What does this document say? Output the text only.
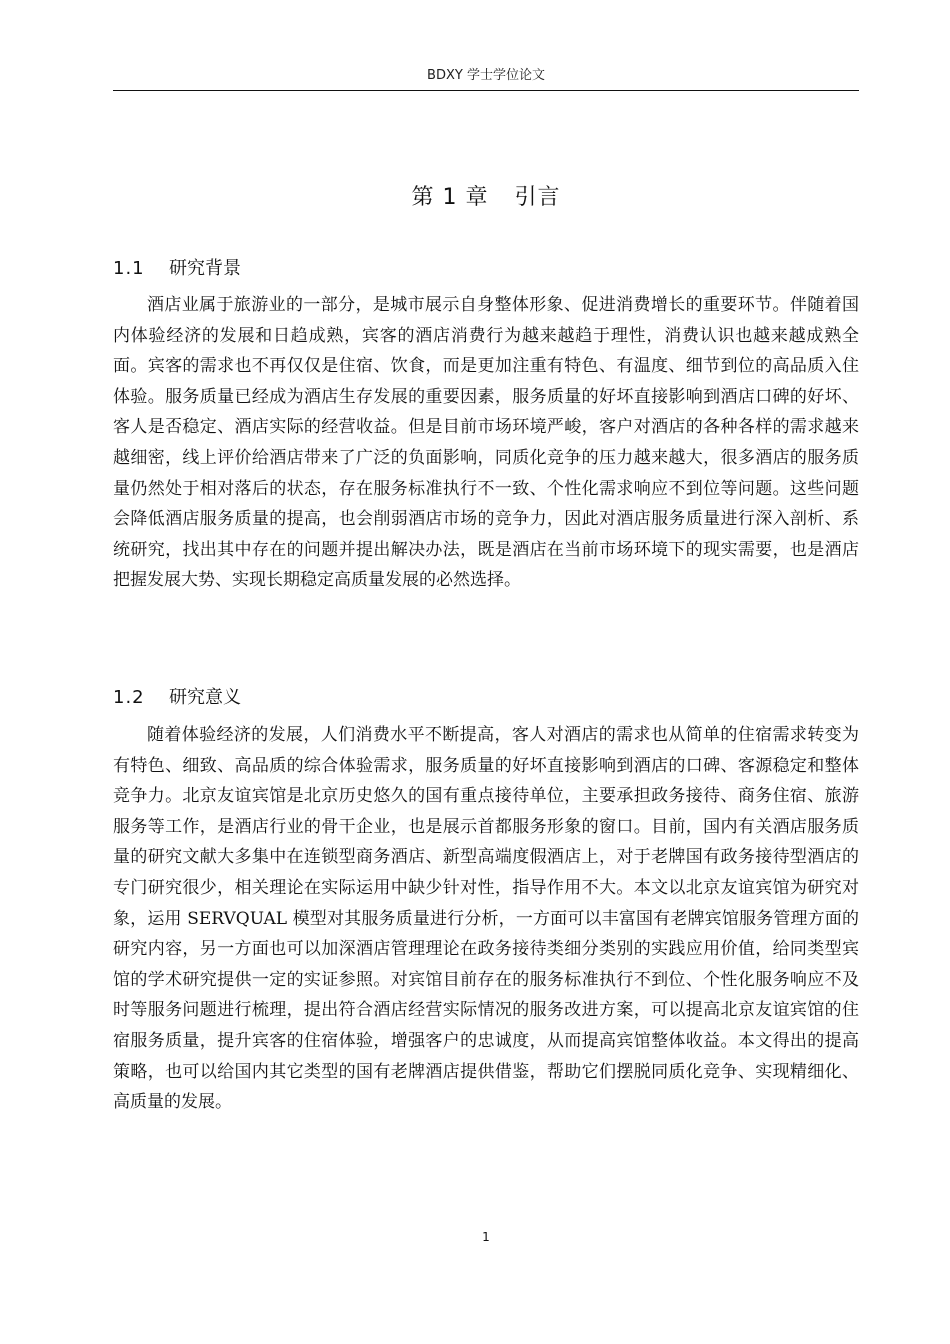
BDXY 学士学位论文
第 1 章 引言
1.1 研究背景

酒店业属于旅游业的一部分，是城市展示自身整体形象、促进消费增长的重要环节。伴随着国内体验经济的发展和日趋成熟，宾客的酒店消费行为越来越趋于理性，消费认识也越来越成熟全面。宾客的需求也不再仅仅是住宿、饮食，而是更加注重有特色、有温度、细节到位的高品质入住体验。服务质量已经成为酒店生存发展的重要因素，服务质量的好坏直接影响到酒店口碑的好坏、客人是否稳定、酒店实际的经营收益。但是目前市场环境严峻，客户对酒店的各种各样的需求越来越细密，线上评价给酒店带来了广泛的负面影响，同质化竞争的压力越来越大，很多酒店的服务质量仍然处于相对落后的状态，存在服务标准执行不一致、个性化需求响应不到位等问题。这些问题会降低酒店服务质量的提高，也会削弱酒店市场的竞争力，因此对酒店服务质量进行深入剖析、系统研究，找出其中存在的问题并提出解决办法，既是酒店在当前市场环境下的现实需要，也是酒店把握发展大势、实现长期稳定高质量发展的必然选择。

1.2 研究意义

随着体验经济的发展，人们消费水平不断提高，客人对酒店的需求也从简单的住宿需求转变为有特色、细致、高品质的综合体验需求，服务质量的好坏直接影响到酒店的口碑、客源稳定和整体竞争力。北京友谊宾馆是北京历史悠久的国有重点接待单位，主要承担政务接待、商务住宿、旅游服务等工作，是酒店行业的骨干企业，也是展示首都服务形象的窗口。目前，国内有关酒店服务质量的研究文献大多集中在连锁型商务酒店、新型高端度假酒店上，对于老牌国有政务接待型酒店的专门研究很少，相关理论在实际运用中缺少针对性，指导作用不大。本文以北京友谊宾馆为研究对象，运用 SERVQUAL 模型对其服务质量进行分析，一方面可以丰富国有老牌宾馆服务管理方面的研究内容，另一方面也可以加深酒店管理理论在政务接待类细分类别的实践应用价值，给同类型宾馆的学术研究提供一定的实证参照。对宾馆目前存在的服务标准执行不到位、个性化服务响应不及时等服务问题进行梳理，提出符合酒店经营实际情况的服务改进方案，可以提高北京友谊宾馆的住宿服务质量，提升宾客的住宿体验，增强客户的忠诚度，从而提高宾馆整体收益。本文得出的提高策略，也可以给国内其它类型的国有老牌酒店提供借鉴，帮助它们摆脱同质化竞争、实现精细化、高质量的发展。

1
